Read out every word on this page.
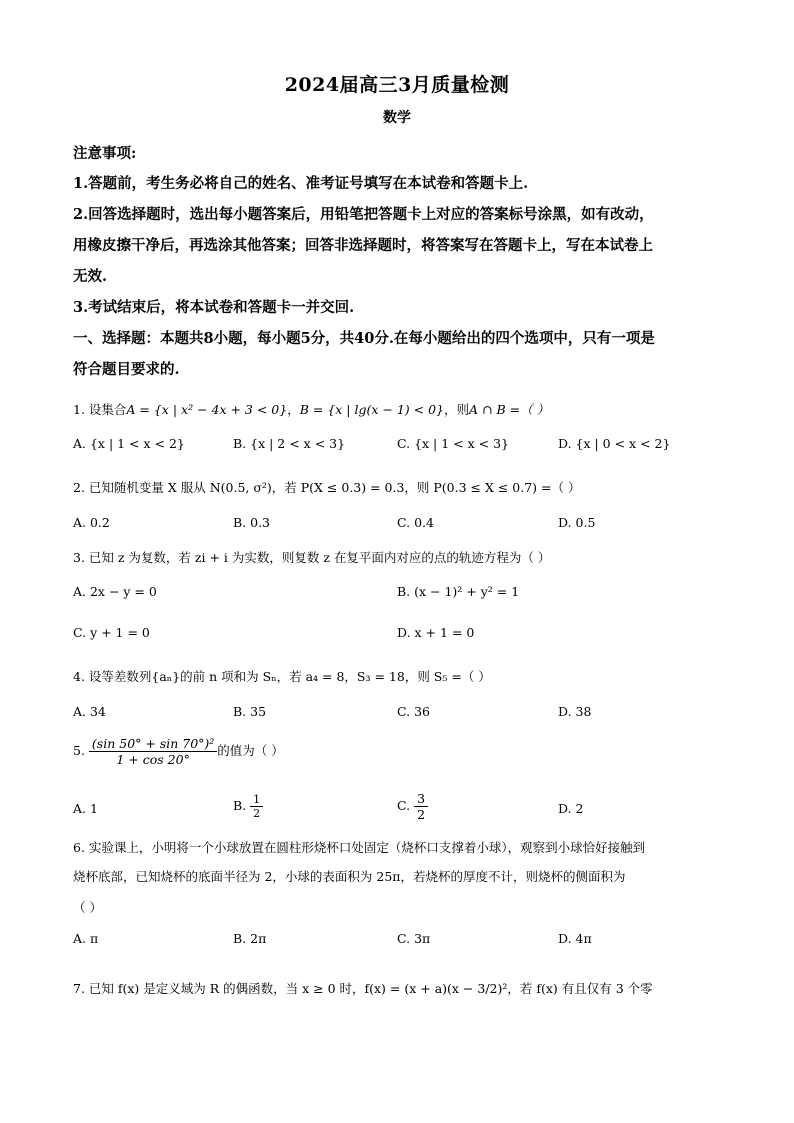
2024届高三3月质量检测
数学
注意事项:
1.答题前，考生务必将自己的姓名、准考证号填写在本试卷和答题卡上.
2.回答选择题时，选出每小题答案后，用铅笔把答题卡上对应的答案标号涂黑，如有改动，
用橡皮擦干净后，再选涂其他答案；回答非选择题时，将答案写在答题卡上，写在本试卷上
无效.
3.考试结束后，将本试卷和答题卡一并交回.
一、选择题：本题共8小题，每小题5分，共40分.在每小题给出的四个选项中，只有一项是
符合题目要求的.
1. 设集合A = {x | x² − 4x + 3 < 0}，B = {x | lg(x − 1) < 0}，则A ∩ B =（ ）
A. {x | 1 < x < 2}	B. {x | 2 < x < 3}	C. {x | 1 < x < 3}	D. {x | 0 < x < 2}
2. 已知随机变量 X 服从 N(0.5, σ²)，若 P(X ≤ 0.3) = 0.3，则 P(0.3 ≤ X ≤ 0.7) =（ ）
A. 0.2	B. 0.3	C. 0.4	D. 0.5
3. 已知 z 为复数，若 zi + i 为实数，则复数 z 在复平面内对应的点的轨迹方程为（ ）
A. 2x − y = 0	B. (x − 1)² + y² = 1
C. y + 1 = 0	D. x + 1 = 0
4. 设等差数列{aₙ}的前 n 项和为 Sₙ，若 a₄ = 8，S₃ = 18，则 S₅ =（ ）
A. 34	B. 35	C. 36	D. 38
5. $\frac{\text{(sin 50° + sin 70°)²}}{1 + \cos 20^\circ}$ 的值为（ ）
A. 1	B. $\frac{1}{2}$	C. $\frac{3}{2}$	D. 2
6. 实验课上，小明将一个小球放置在圆柱形烧杯口处固定（烧杯口支撑着小球），观察到小球恰好接触到
烧杯底部，已知烧杯的底面半径为 2，小球的表面积为 25π，若烧杯的厚度不计，则烧杯的侧面积为
（ ）
A. π	B. 2π	C. 3π	D. 4π
7. 已知 f(x) 是定义域为 R 的偶函数，当 x ≥ 0 时，f(x) = (x + a)(x − 3/2)²，若 f(x) 有且仅有 3 个零
